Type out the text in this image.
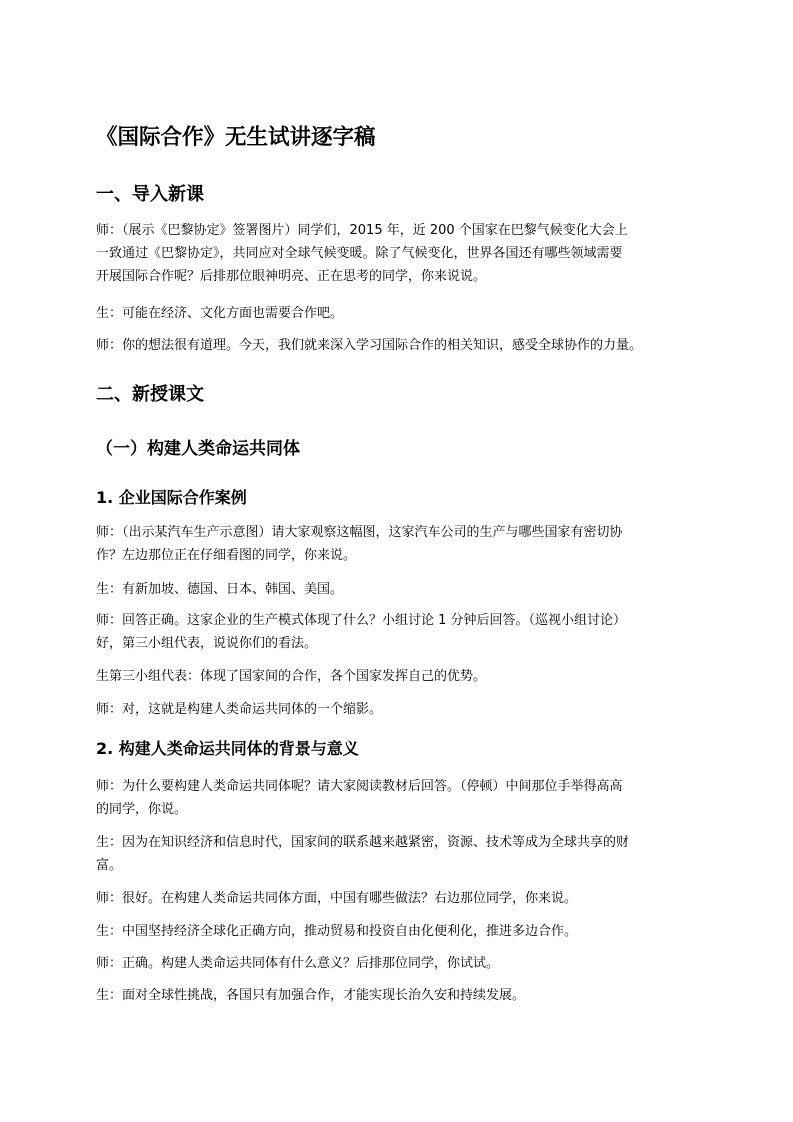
《国际合作》无生试讲逐字稿
一、导入新课

师：（展示《巴黎协定》签署图片）同学们，2015 年，近 200 个国家在巴黎气候变化大会上
一致通过《巴黎协定》，共同应对全球气候变暖。除了气候变化，世界各国还有哪些领域需要
开展国际合作呢？后排那位眼神明亮、正在思考的同学，你来说说。

生：可能在经济、文化方面也需要合作吧。

师：你的想法很有道理。今天，我们就来深入学习国际合作的相关知识，感受全球协作的力量。

二、新授课文
（一）构建人类命运共同体
1. 企业国际合作案例

师：（出示某汽车生产示意图）请大家观察这幅图，这家汽车公司的生产与哪些国家有密切协
作？左边那位正在仔细看图的同学，你来说。

生：有新加坡、德国、日本、韩国、美国。

师：回答正确。这家企业的生产模式体现了什么？小组讨论 1 分钟后回答。（巡视小组讨论）
好，第三小组代表，说说你们的看法。

生第三小组代表：体现了国家间的合作，各个国家发挥自己的优势。

师：对，这就是构建人类命运共同体的一个缩影。

2. 构建人类命运共同体的背景与意义

师：为什么要构建人类命运共同体呢？请大家阅读教材后回答。（停顿）中间那位手举得高高
的同学，你说。

生：因为在知识经济和信息时代，国家间的联系越来越紧密，资源、技术等成为全球共享的财
富。

师：很好。在构建人类命运共同体方面，中国有哪些做法？右边那位同学，你来说。

生：中国坚持经济全球化正确方向，推动贸易和投资自由化便利化，推进多边合作。

师：正确。构建人类命运共同体有什么意义？后排那位同学，你试试。

生：面对全球性挑战，各国只有加强合作，才能实现长治久安和持续发展。
